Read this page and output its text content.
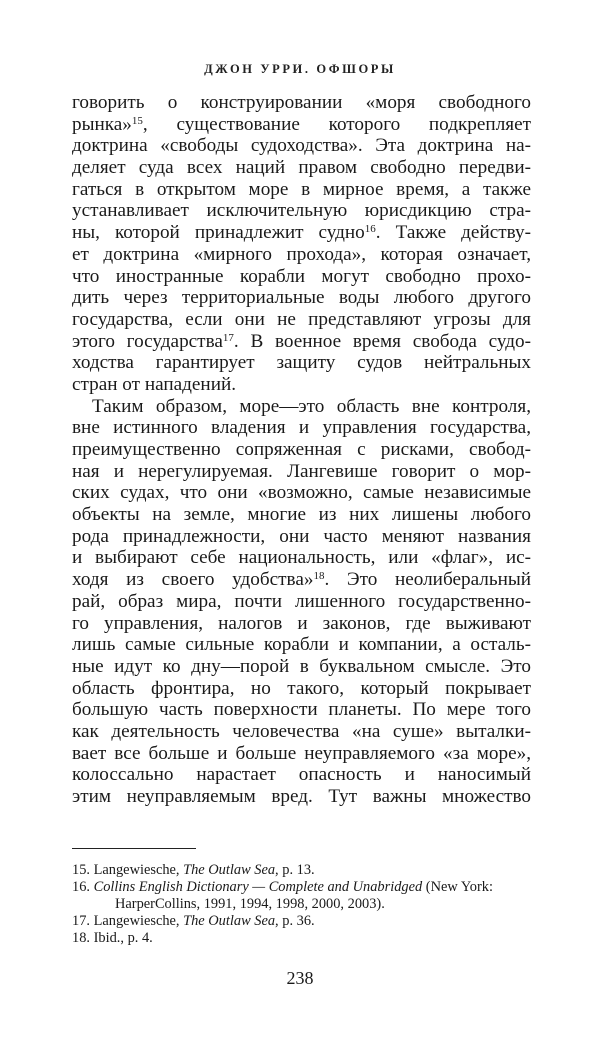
ДЖОН УРРИ. ОФШОРЫ
говорить о конструировании «моря свободного
рынка»$^{15}$, существование которого подкрепляет
доктрина «свободы судоходства». Эта доктрина на-
деляет суда всех наций правом свободно передви-
гаться в открытом море в мирное время, а также
устанавливает исключительную юрисдикцию стра-
ны, которой принадлежит судно$^{16}$. Также действу-
ет доктрина «мирного прохода», которая означает,
что иностранные корабли могут свободно прохо-
дить через территориальные воды любого другого
государства, если они не представляют угрозы для
этого государства$^{17}$. В военное время свобода судо-
ходства гарантирует защиту судов нейтральных
стран от нападений.
Таким образом, море—это область вне контроля,
вне истинного владения и управления государства,
преимущественно сопряженная с рисками, свобод-
ная и нерегулируемая. Лангевише говорит о мор-
ских судах, что они «возможно, самые независимые
объекты на земле, многие из них лишены любого
рода принадлежности, они часто меняют названия
и выбирают себе национальность, или «флаг», ис-
ходя из своего удобства»$^{18}$. Это неолиберальный
рай, образ мира, почти лишенного государственно-
го управления, налогов и законов, где выживают
лишь самые сильные корабли и компании, а осталь-
ные идут ко дну—порой в буквальном смысле. Это
область фронтира, но такого, который покрывает
большую часть поверхности планеты. По мере того
как деятельность человечества «на суше» выталки-
вает все больше и больше неуправляемого «за море»,
колоссально нарастает опасность и наносимый
этим неуправляемым вред. Тут важны множество
15. Langewiesche, The Outlaw Sea, p. 13.
16. Collins English Dictionary — Complete and Unabridged (New York:
HarperCollins, 1991, 1994, 1998, 2000, 2003).
17. Langewiesche, The Outlaw Sea, p. 36.
18. Ibid., p. 4.
238
